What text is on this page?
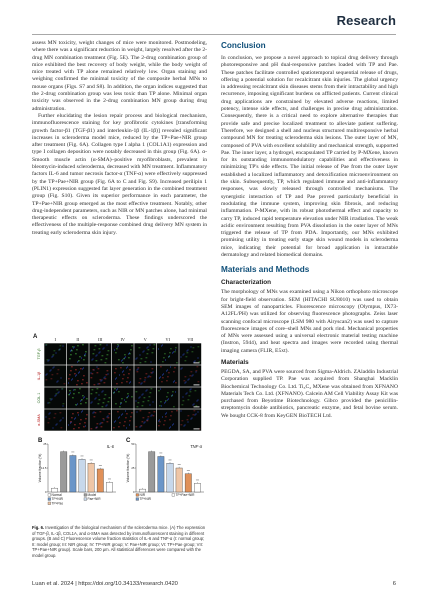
Research

assess MN toxicity, weight changes of mice were monitored. Postmodeling, where there was a significant reduction in weight, largely resolved after the 2-drug MN combination treatment (Fig. 5E). The 2-drug combination group of mice exhibited the best recovery of body weight, while the body weight of mice treated with TP alone remained relatively low. Organ staining and weighing confirmed the minimal toxicity of the composite herbal MNs to mouse organs (Figs. S7 and S8). In addition, the organ indices suggested that the 2-drug combination group was less toxic than TP alone. Minimal organ toxicity was observed in the 2-drug combination MN group during drug administration.

Further elucidating the lesion repair process and biological mechanism, immunofluorescence staining for key profibrotic cytokines [transforming growth factor-β1 (TGF-β1) and interleukin-1β (IL-1β)] revealed significant increases in scleroderma model mice, reduced by the TP+Pae+NIR group after treatment (Fig. 6A). Collagen type I alpha 1 (COL1A1) expression and type I collagen deposition were notably decreased in this group (Fig. 6A). α-Smooth muscle actin (α-SMA)–positive myofibroblasts, prevalent in bleomycin-induced scleroderma, decreased with MN treatment. Inflammatory factors IL-6 and tumor necrosis factor-α (TNF-α) were effectively suppressed by the TP+Pae+NIR group (Fig. 6A to C and Fig. S9). Increased perilipin 1 (PLIN1) expression suggested fat layer generation in the combined treatment group (Fig. S10). Given its superior performance in each parameter, the TP+Pae+NIR group emerged as the most effective treatment. Notably, other drug-independent parameters, such as NIR or MN patches alone, had minimal therapeutic effects on scleroderma. These findings underscored the effectiveness of the multiple-response combined drug delivery MN system in treating early scleroderma skin injury.

A	I	II	III	IV	V	VI	VII
TGF-β
IL-1β
COL 1
α-SMA
B
IL-6
Volume fraction (%)
0
12.5
25
***
***
***
***
***
Normal	Model
TP+NIR	Pae+NIR
TP+Pae
C
TNF-α
Volume fraction (%)
0
25
50
***
***
***
***
***
NIR	TP+Pae+NIR
TP+NIR
Fig. 6. Investigation of the biological mechanism of the scleroderma mice. (A) The expression of TGF-β, IL-1β, COL1A, and α-SMA was detected by immunofluorescent staining in different groups. (B and C) Fluorescence volume fraction statistics of IL-6 and TNF-α (I: normal group; II: model group; III: NIR group; IV: TP+NIR group; V: Pae+NIR group; VI: TP+Pae group; VII: TP+Pae+NIR group). Scale bars, 200 μm. All statistical differences were compared with the model group.
Conclusion

In conclusion, we propose a novel approach to topical drug delivery through photoresponsive and pH dual-responsive patches loaded with TP and Pae. These patches facilitate controlled spatiotemporal sequential release of drugs, offering a potential solution for recalcitrant skin injuries. The global urgency in addressing recalcitrant skin diseases stems from their intractability and high recurrence, imposing significant burdens on afflicted patients. Current clinical drug applications are constrained by elevated adverse reactions, limited potency, intense side effects, and challenges in precise drug administration. Consequently, there is a critical need to explore alternative therapies that provide safe and precise localized treatment to alleviate patient suffering. Therefore, we designed a shell and nucleus structured multiresponsive herbal compound MN for treating scleroderma skin lesions. The outer layer of MN, composed of PVA with excellent solubility and mechanical strength, supported Pae. The inner layer, a hydrogel, encapsulated TP carried by P-MXene, known for its outstanding immunomodulatory capabilities and effectiveness in minimizing TP's side effects. The initial release of Pae from the outer layer established a localized inflammatory and detoxification microenvironment on the skin. Subsequently, TP, which regulated immune and anti-inflammatory responses, was slowly released through controlled mechanisms. The synergistic interaction of TP and Pae proved particularly beneficial in modulating the immune system, improving skin fibrosis, and reducing inflammation. P-MXene, with its robust photothermal effect and capacity to carry TP, induced rapid temperature elevation under NIR irradiation. The weak acidic environment resulting from PVA dissolution in the outer layer of MNs triggered the release of TP from PDA. Importantly, our MNs exhibited promising utility in treating early stage skin wound models in scleroderma mice, indicating their potential for broad application in intractable dermatology and related biomedical domains.

Materials and Methods
Characterization

The morphology of MNs was examined using a Nikon orthophoto microscope for bright-field observation. SEM (HITACHI SU8010) was used to obtain SEM images of nanoparticles. Fluorescence microscopy (Olympus, IX73-A12FL/PH) was utilized for observing fluorescence photographs. Zeiss laser scanning confocal microscope (LSM 980 with Airyscan2) was used to capture fluorescence images of core–shell MNs and pork rind. Mechanical properties of MNs were assessed using a universal electronic material testing machine (Instron, 5944), and heat spectra and images were recorded using thermal imaging camera (FLIR, E5xt).

Materials

PEGDA, SA, and PVA were sourced from Sigma-Aldrich. ZAladdin Industrial Corporation supplied TP. Pae was acquired from Shanghai Macklin Biochemical Technology Co. Ltd. Ti₃C₂ MXene was obtained from XFNANO Materials Tech Co. Ltd. (XFNANO). Calcein AM Cell Viability Assay Kit was purchased from Beyotime Biotechnology. Gibco provided the penicillin-streptomycin double antibiotics, pancreatic enzyme, and fetal bovine serum. We bought CCK-8 from KeyGEN BioTECH Ltd.

Luan et al. 2024 | https://doi.org/10.34133/research.0420	6
